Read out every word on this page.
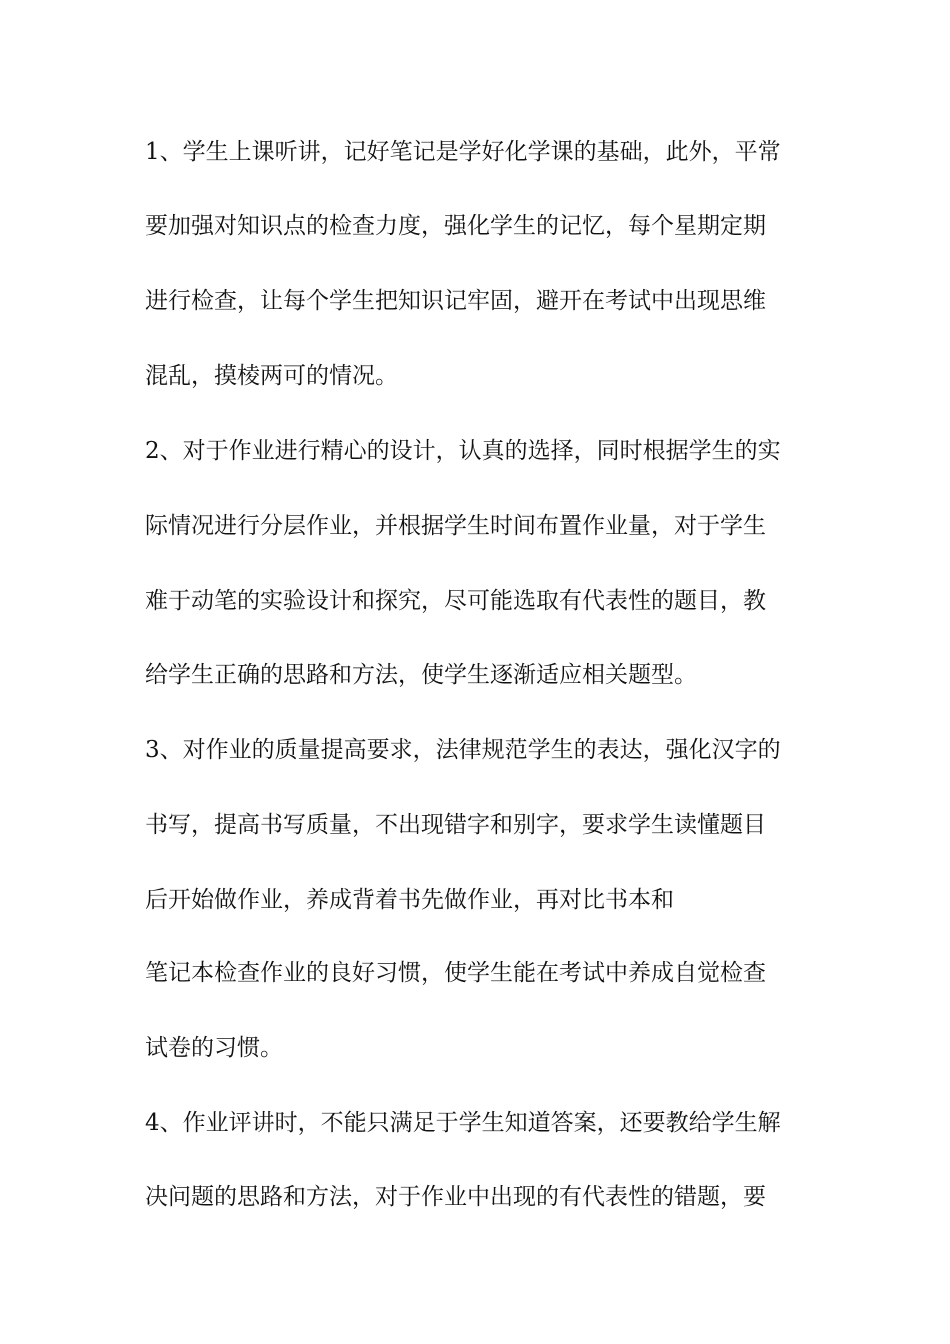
1、学生上课听讲，记好笔记是学好化学课的基础，此外，平常

要加强对知识点的检查力度，强化学生的记忆，每个星期定期

进行检查，让每个学生把知识记牢固，避开在考试中出现思维

混乱，摸棱两可的情况。

2、对于作业进行精心的设计，认真的选择，同时根据学生的实

际情况进行分层作业，并根据学生时间布置作业量，对于学生

难于动笔的实验设计和探究，尽可能选取有代表性的题目，教

给学生正确的思路和方法，使学生逐渐适应相关题型。

3、对作业的质量提高要求，法律规范学生的表达，强化汉字的

书写，提高书写质量，不出现错字和别字，要求学生读懂题目

后开始做作业，养成背着书先做作业，再对比书本和

笔记本检查作业的良好习惯，使学生能在考试中养成自觉检查

试卷的习惯。

4、作业评讲时，不能只满足于学生知道答案，还要教给学生解

决问题的思路和方法，对于作业中出现的有代表性的错题，要
